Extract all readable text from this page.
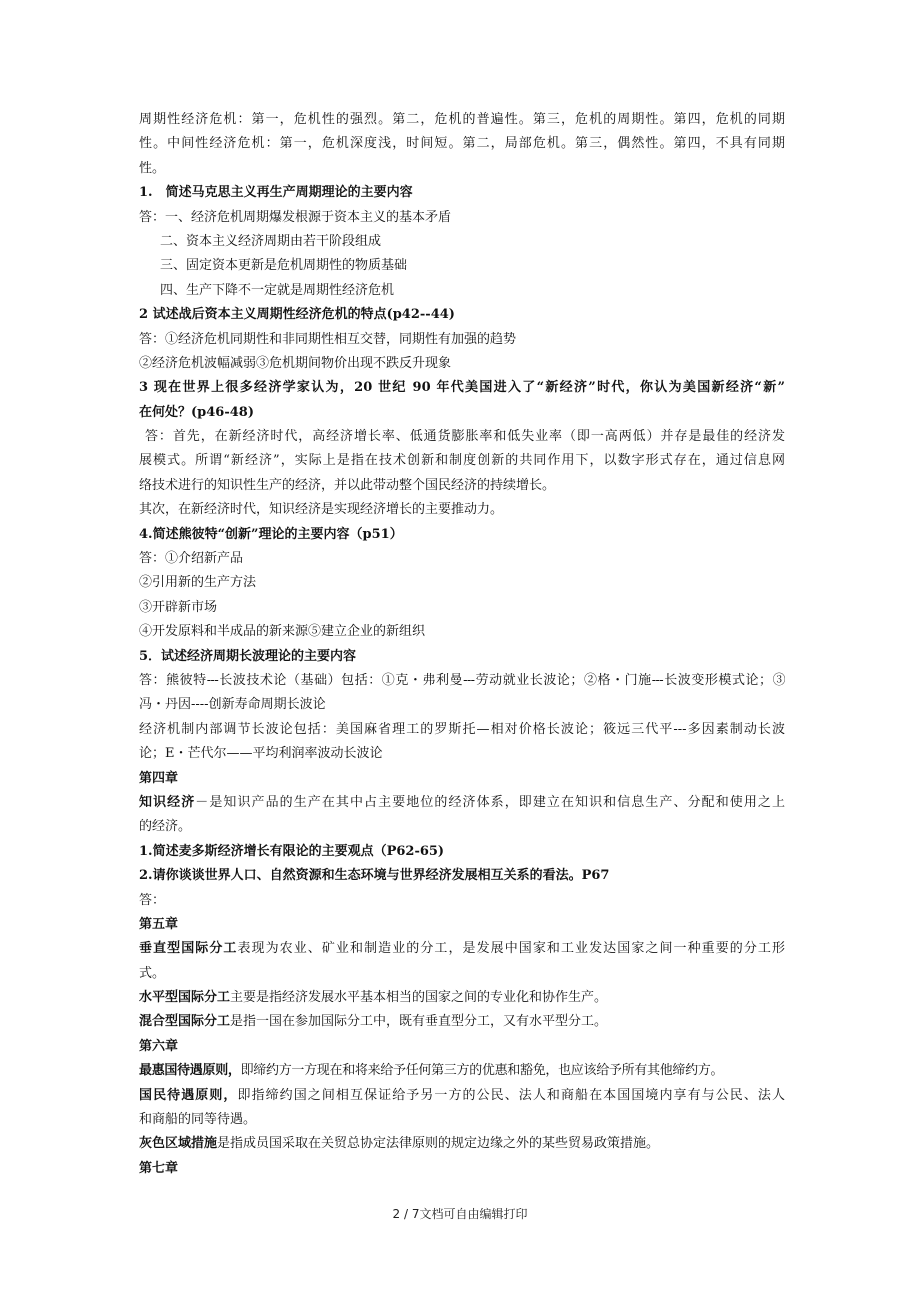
周期性经济危机：第一，危机性的强烈。第二，危机的普遍性。第三，危机的周期性。第四，危机的同期
性。中间性经济危机：第一，危机深度浅，时间短。第二，局部危机。第三，偶然性。第四，不具有同期
性。
1.　简述马克思主义再生产周期理论的主要内容
答：一、经济危机周期爆发根源于资本主义的基本矛盾
二、资本主义经济周期由若干阶段组成
三、固定资本更新是危机周期性的物质基础
四、生产下降不一定就是周期性经济危机
2 试述战后资本主义周期性经济危机的特点(p42--44)
答：①经济危机同期性和非同期性相互交替，同期性有加强的趋势
②经济危机波幅减弱③危机期间物价出现不跌反升现象
3 现在世界上很多经济学家认为，20 世纪 90 年代美国进入了“新经济”时代，你认为美国新经济“新”
在何处？(p46-48)
答：首先，在新经济时代，高经济增长率、低通货膨胀率和低失业率（即一高两低）并存是最佳的经济发
展模式。所谓“新经济”，实际上是指在技术创新和制度创新的共同作用下，以数字形式存在，通过信息网
络技术进行的知识性生产的经济，并以此带动整个国民经济的持续增长。
其次，在新经济时代，知识经济是实现经济增长的主要推动力。
4.简述熊彼特“创新”理论的主要内容（p51）
答：①介绍新产品
②引用新的生产方法
③开辟新市场
④开发原料和半成品的新来源⑤建立企业的新组织
5．试述经济周期长波理论的主要内容
答：熊彼特---长波技术论（基础）包括：①克・弗利曼---劳动就业长波论；②格・门施---长波变形模式论；③
冯・丹因----创新寿命周期长波论
经济机制内部调节长波论包括：美国麻省理工的罗斯托—相对价格长波论；筱远三代平---多因素制动长波
论；E・芒代尔——平均利润率波动长波论
第四章
知识经济－是知识产品的生产在其中占主要地位的经济体系，即建立在知识和信息生产、分配和使用之上
的经济。
1.简述麦多斯经济增长有限论的主要观点（P62-65)
2.请你谈谈世界人口、自然资源和生态环境与世界经济发展相互关系的看法。P67
答：
第五章
垂直型国际分工表现为农业、矿业和制造业的分工，是发展中国家和工业发达国家之间一种重要的分工形
式。
水平型国际分工主要是指经济发展水平基本相当的国家之间的专业化和协作生产。
混合型国际分工是指一国在参加国际分工中，既有垂直型分工，又有水平型分工。
第六章
最惠国待遇原则，即缔约方一方现在和将来给予任何第三方的优惠和豁免，也应该给予所有其他缔约方。
国民待遇原则，即指缔约国之间相互保证给予另一方的公民、法人和商船在本国国境内享有与公民、法人
和商船的同等待遇。
灰色区域措施是指成员国采取在关贸总协定法律原则的规定边缘之外的某些贸易政策措施。
第七章
2 / 7文档可自由编辑打印
